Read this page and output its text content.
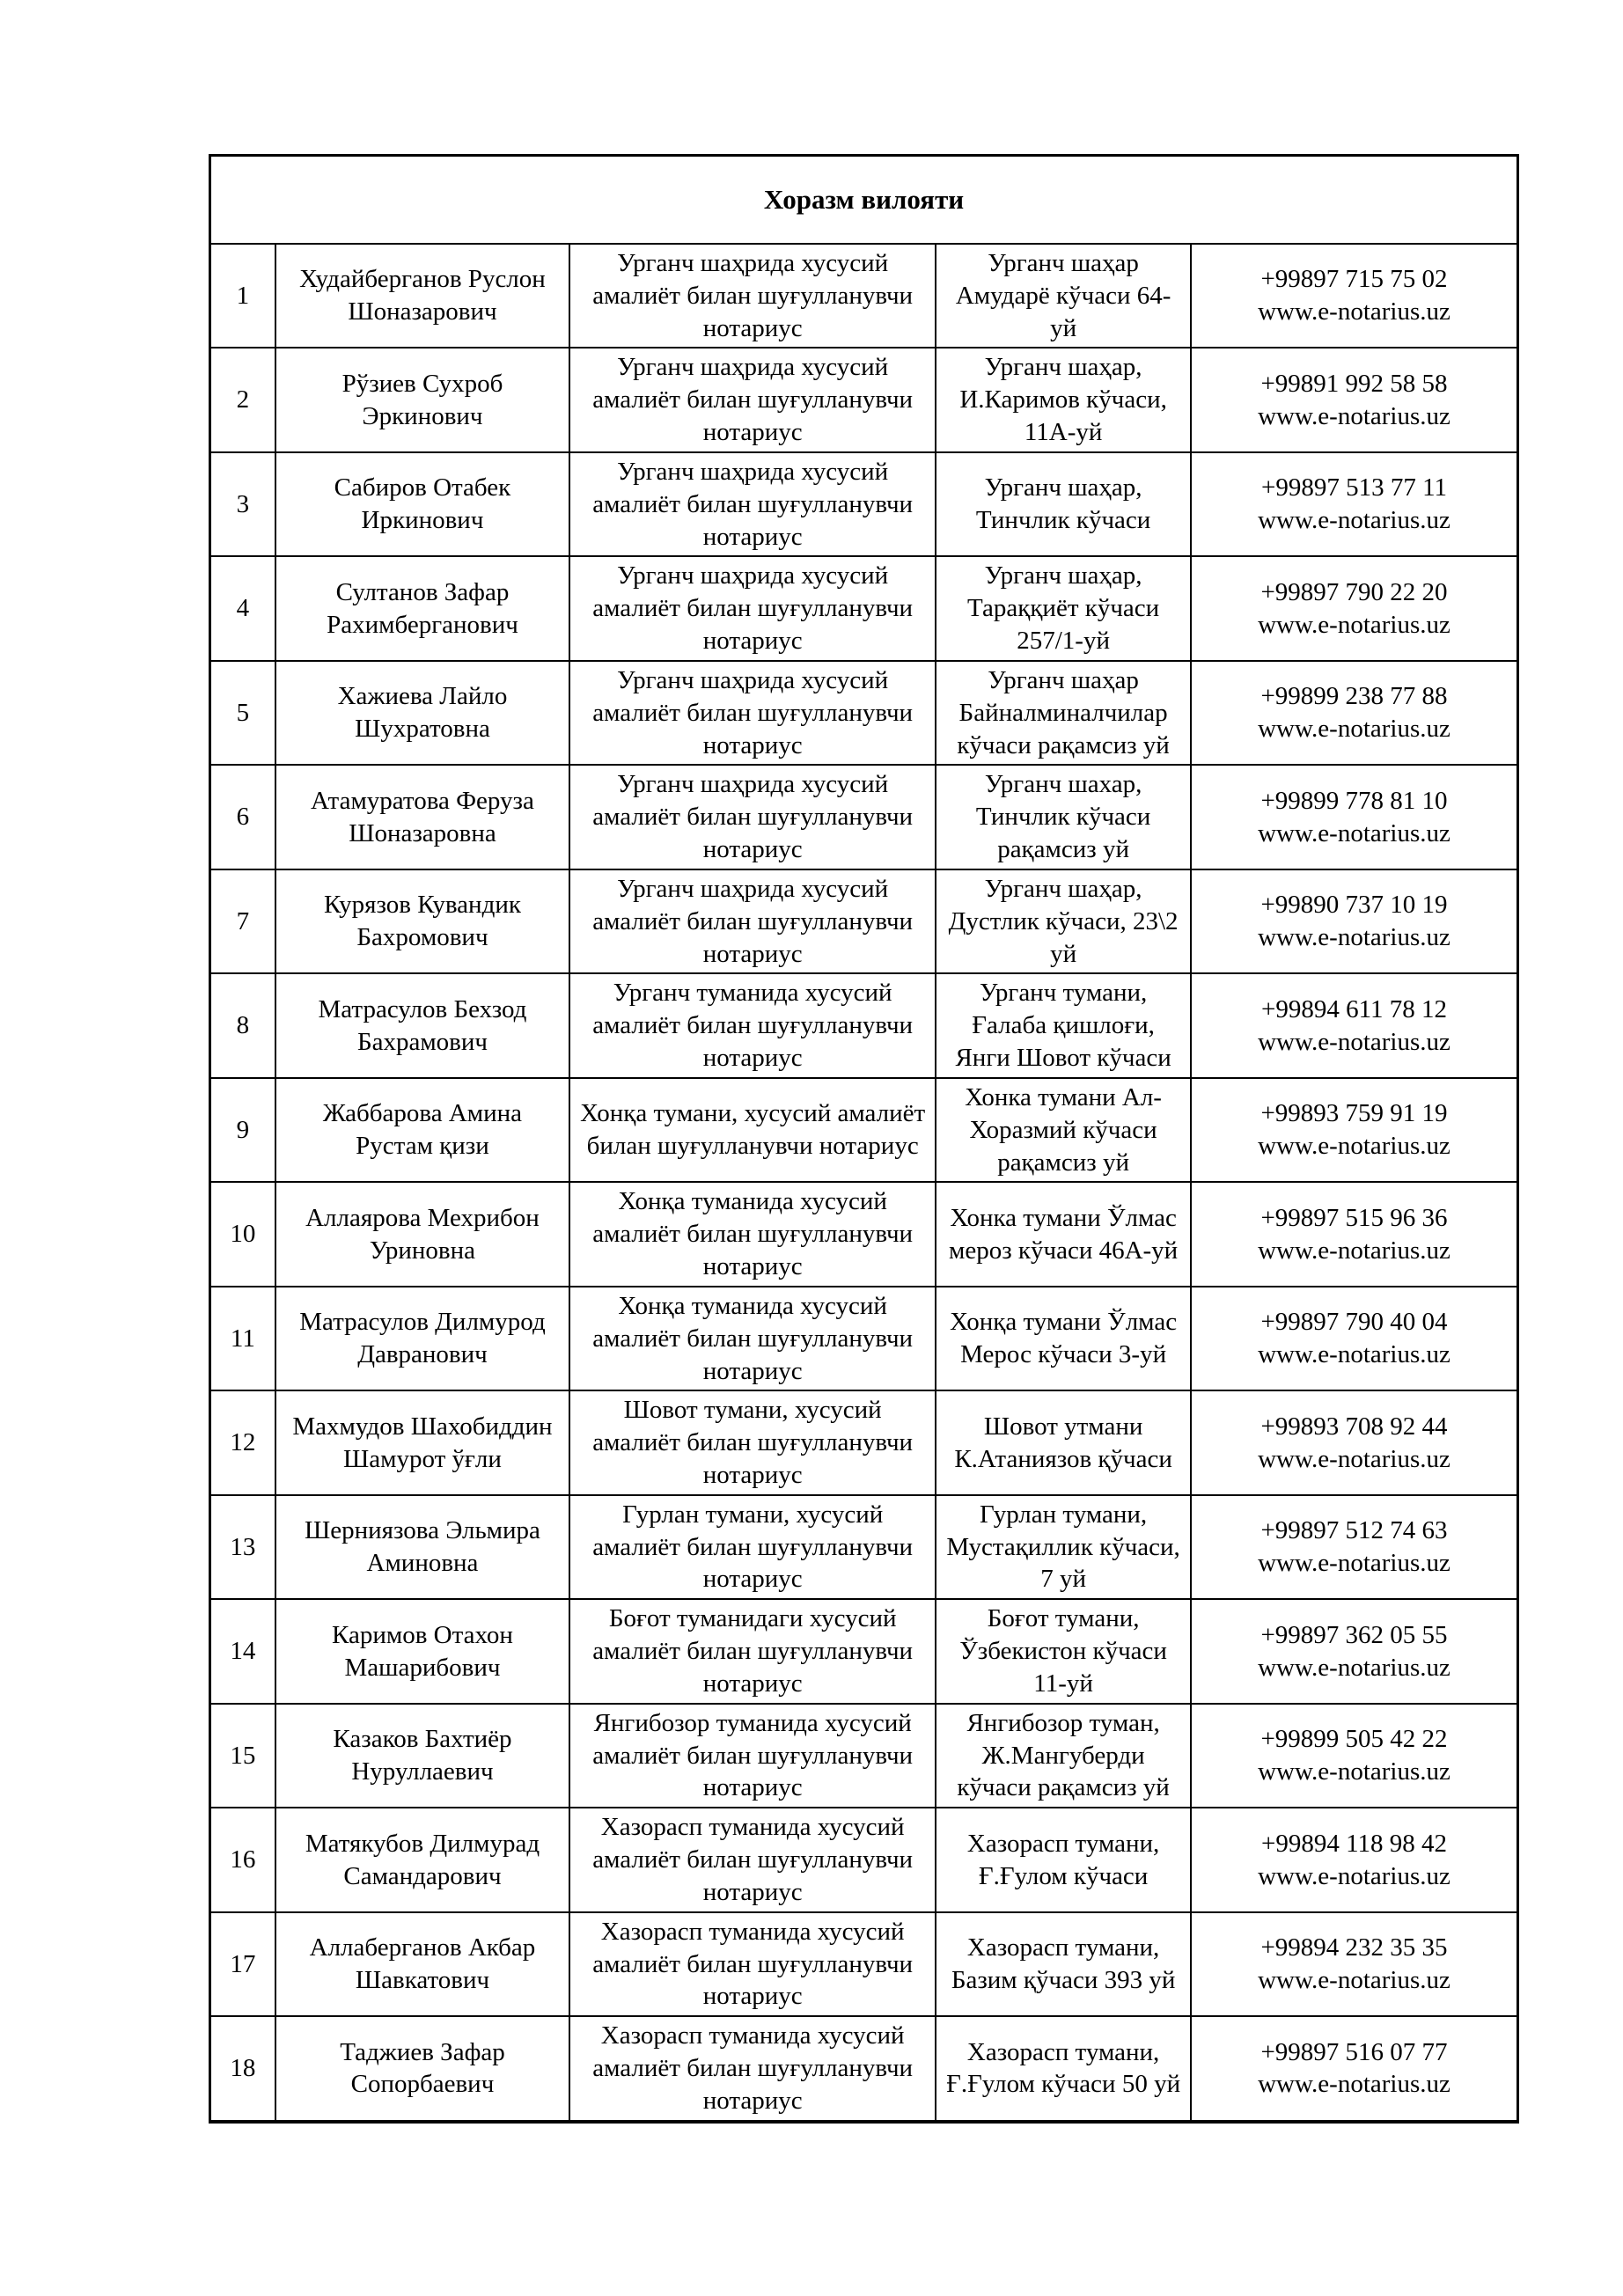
Хоразм вилояти				
1	Худайберганов Руслон Шоназарович	Урганч шаҳрида хусусий амалиёт билан шуғулланувчи нотариус	Урганч шаҳар Амударё кўчаси 64-уй	+99897 715 75 02
www.e-notarius.uz

2	Рўзиев Сухроб Эркинович	Урганч шаҳрида хусусий амалиёт билан шуғулланувчи нотариус	Урганч шаҳар, И.Каримов кўчаси, 11А-уй	+99891 992 58 58
www.e-notarius.uz

3	Сабиров Отабек Иркинович	Урганч шаҳрида хусусий амалиёт билан шуғулланувчи нотариус	Урганч шаҳар, Тинчлик кўчаси	+99897 513 77 11
www.e-notarius.uz

4	Султанов Зафар Рахимберганович	Урганч шаҳрида хусусий амалиёт билан шуғулланувчи нотариус	Урганч шаҳар, Тараққиёт кўчаси 257/1-уй	+99897 790 22 20
www.e-notarius.uz

5	Хажиева Лайло Шухратовна	Урганч шаҳрида хусусий амалиёт билан шуғулланувчи нотариус	Урганч шаҳар Байналминалчилар кўчаси рақамсиз уй	+99899 238 77 88
www.e-notarius.uz

6	Атамуратова Феруза Шоназаровна	Урганч шаҳрида хусусий амалиёт билан шуғулланувчи нотариус	Урганч шахар, Тинчлик кўчаси рақамсиз уй	+99899 778 81 10
www.e-notarius.uz

7	Курязов Кувандик Бахромович	Урганч шаҳрида хусусий амалиёт билан шуғулланувчи нотариус	Урганч шаҳар, Дустлик кўчаси, 23\2 уй	+99890 737 10 19
www.e-notarius.uz

8	Матрасулов Бехзод Бахрамович	Урганч туманида хусусий амалиёт билан шуғулланувчи нотариус	Урганч тумани, Ғалаба қишлоғи, Янги Шовот кўчаси	+99894 611 78 12
www.e-notarius.uz

9	Жаббарова Амина Рустам қизи	Хонқа тумани, хусусий амалиёт билан шуғулланувчи нотариус	Хонка тумани Ал-Хоразмий кўчаси рақамсиз уй	+99893 759 91 19
www.e-notarius.uz

10	Аллаярова Мехрибон Уриновна	Хонқа туманида хусусий амалиёт билан шуғулланувчи нотариус	Хонка тумани Ўлмас мероз кўчаси 46А-уй	+99897 515 96 36
www.e-notarius.uz

11	Матрасулов Дилмурод Давранович	Хонқа туманида хусусий амалиёт билан шуғулланувчи нотариус	Хонқа тумани Ўлмас Мерос кўчаси 3-уй	+99897 790 40 04
www.e-notarius.uz

12	Махмудов Шахобиддин Шамурот ўғли	Шовот тумани, хусусий амалиёт билан шуғулланувчи нотариус	Шовот утмани К.Атаниязов қўчаси	+99893 708 92 44
www.e-notarius.uz

13	Шерниязова Эльмира Аминовна	Гурлан тумани, хусусий амалиёт билан шуғулланувчи нотариус	Гурлан тумани, Мустақиллик кўчаси, 7 уй	+99897 512 74 63
www.e-notarius.uz

14	Каримов Отахон Машарибович	Боғот туманидаги хусусий амалиёт билан шуғулланувчи нотариус	Боғот тумани, Ўзбекистон кўчаси 11-уй	+99897 362 05 55
www.e-notarius.uz

15	Казаков Бахтиёр Нуруллаевич	Янгибозор туманида хусусий амалиёт билан шуғулланувчи нотариус	Янгибозор туман, Ж.Мангуберди кўчаси рақамсиз уй	+99899 505 42 22
www.e-notarius.uz

16	Матякубов Дилмурад Самандарович	Хазорасп туманида хусусий амалиёт билан шуғулланувчи нотариус	Хазорасп тумани, Ғ.Ғулом кўчаси	+99894 118 98 42
www.e-notarius.uz

17	Аллаберганов Акбар Шавкатович	Хазорасп туманида хусусий амалиёт билан шуғулланувчи нотариус	Хазорасп тумани, Базим қўчаси 393 уй	+99894 232 35 35
www.e-notarius.uz

18	Таджиев Зафар Сопорбаевич	Хазорасп туманида хусусий амалиёт билан шуғулланувчи нотариус	Хазорасп тумани, Ғ.Ғулом кўчаси 50 уй	+99897 516 07 77
www.e-notarius.uz
